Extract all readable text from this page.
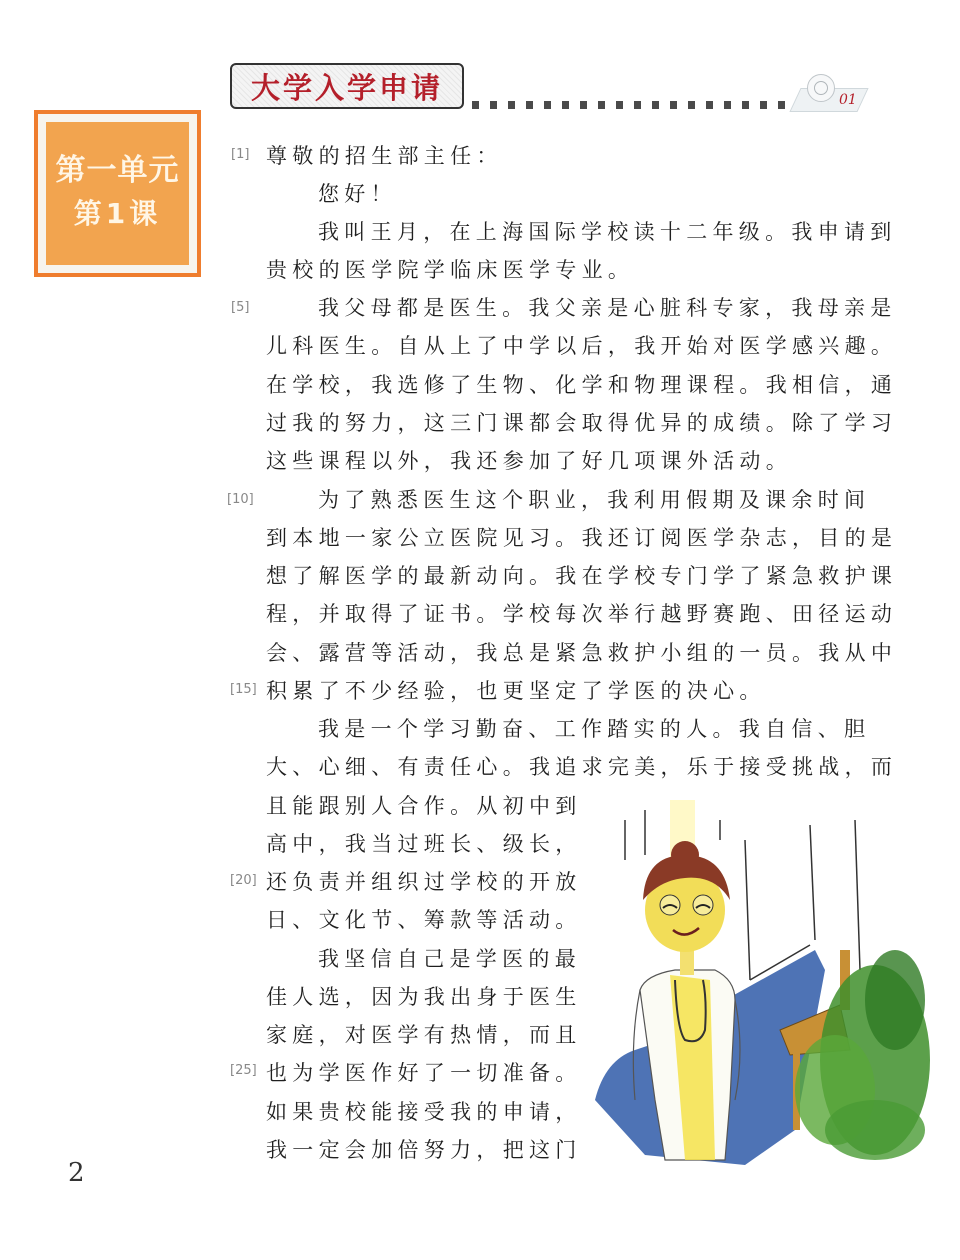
第一单元
第1课
大学入学申请	01
[1]
[5]
[10]
[15]
[20]
[25]
尊敬的招生部主任：
您好！
我叫王月，在上海国际学校读十二年级。我申请到
贵校的医学院学临床医学专业。
我父母都是医生。我父亲是心脏科专家，我母亲是
儿科医生。自从上了中学以后，我开始对医学感兴趣。
在学校，我选修了生物、化学和物理课程。我相信，通
过我的努力，这三门课都会取得优异的成绩。除了学习
这些课程以外，我还参加了好几项课外活动。
为了熟悉医生这个职业，我利用假期及课余时间
到本地一家公立医院见习。我还订阅医学杂志，目的是
想了解医学的最新动向。我在学校专门学了紧急救护课
程，并取得了证书。学校每次举行越野赛跑、田径运动
会、露营等活动，我总是紧急救护小组的一员。我从中
积累了不少经验，也更坚定了学医的决心。
我是一个学习勤奋、工作踏实的人。我自信、胆
大、心细、有责任心。我追求完美，乐于接受挑战，而
且能跟别人合作。从初中到
高中，我当过班长、级长，
还负责并组织过学校的开放
日、文化节、筹款等活动。
我坚信自己是学医的最
佳人选，因为我出身于医生
家庭，对医学有热情，而且
也为学医作好了一切准备。
如果贵校能接受我的申请，
我一定会加倍努力，把这门
2
